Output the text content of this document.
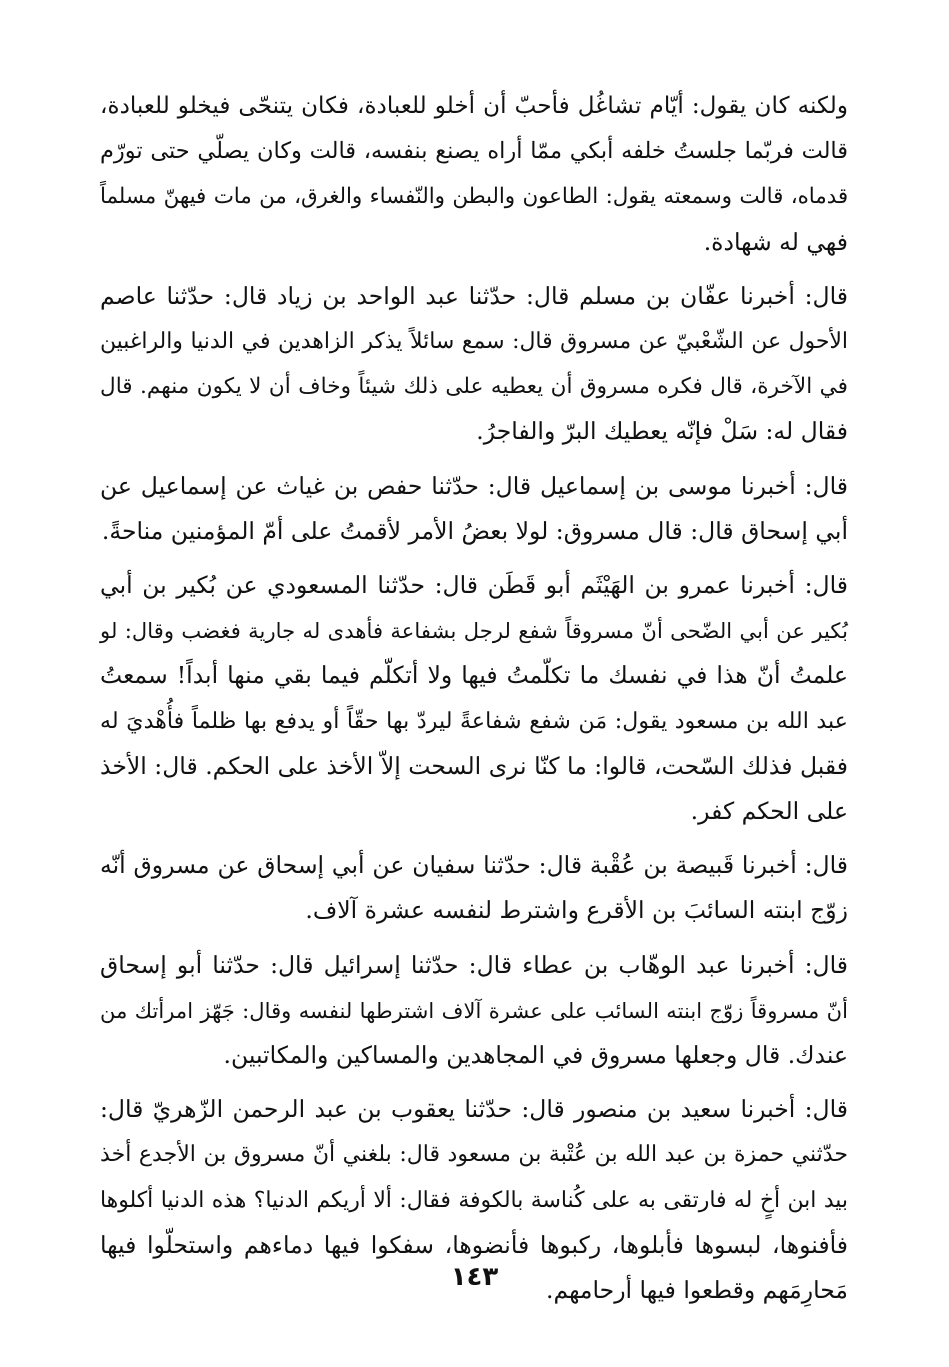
ولكنه كان يقول: أيّام تشاغُل فأحبّ أن أخلو للعبادة، فكان يتنحّى فيخلو للعبادة،
قالت فربّما جلستُ خلفه أبكي ممّا أراه يصنع بنفسه، قالت وكان يصلّي حتى تورّم
قدماه، قالت وسمعته يقول: الطاعون والبطن والنّفساء والغرق، من مات فيهنّ مسلماً
فهي له شهادة.

قال: أخبرنا عفّان بن مسلم قال: حدّثنا عبد الواحد بن زياد قال: حدّثنا عاصم
الأحول عن الشّعْبيّ عن مسروق قال: سمع سائلاً يذكر الزاهدين في الدنيا والراغبين
في الآخرة، قال فكره مسروق أن يعطيه على ذلك شيئاً وخاف أن لا يكون منهم. قال
فقال له: سَلْ فإنّه يعطيك البرّ والفاجرُ.

قال: أخبرنا موسى بن إسماعيل قال: حدّثنا حفص بن غياث عن إسماعيل عن
أبي إسحاق قال: قال مسروق: لولا بعضُ الأمر لأقمتُ على أمّ المؤمنين مناحةً.

قال: أخبرنا عمرو بن الهَيْثَم أبو قَطَن قال: حدّثنا المسعودي عن بُكير بن أبي
بُكير عن أبي الضّحى أنّ مسروقاً شفع لرجل بشفاعة فأهدى له جارية فغضب وقال: لو
علمتُ أنّ هذا في نفسك ما تكلّمتُ فيها ولا أتكلّم فيما بقي منها أبداً! سمعتُ
عبد الله بن مسعود يقول: مَن شفع شفاعةً ليردّ بها حقّاً أو يدفع بها ظلماً فأُهْديَ له
فقبل فذلك السّحت، قالوا: ما كنّا نرى السحت إلاّ الأخذ على الحكم. قال: الأخذ
على الحكم كفر.

قال: أخبرنا قَبيصة بن عُقْبة قال: حدّثنا سفيان عن أبي إسحاق عن مسروق أنّه
زوّج ابنته السائبَ بن الأقرع واشترط لنفسه عشرة آلاف.

قال: أخبرنا عبد الوهّاب بن عطاء قال: حدّثنا إسرائيل قال: حدّثنا أبو إسحاق
أنّ مسروقاً زوّج ابنته السائب على عشرة آلاف اشترطها لنفسه وقال: جَهّز امرأتك من
عندك. قال وجعلها مسروق في المجاهدين والمساكين والمكاتبين.

قال: أخبرنا سعيد بن منصور قال: حدّثنا يعقوب بن عبد الرحمن الزّهريّ قال:
حدّثني حمزة بن عبد الله بن عُتْبة بن مسعود قال: بلغني أنّ مسروق بن الأجدع أخذ
بيد ابن أخٍ له فارتقى به على كُناسة بالكوفة فقال: ألا أريكم الدنيا؟ هذه الدنيا أكلوها
فأفنوها، لبسوها فأبلوها، ركبوها فأنضوها، سفكوا فيها دماءهم واستحلّوا فيها
مَحارِمَهم وقطعوا فيها أرحامهم.

١٤٣
